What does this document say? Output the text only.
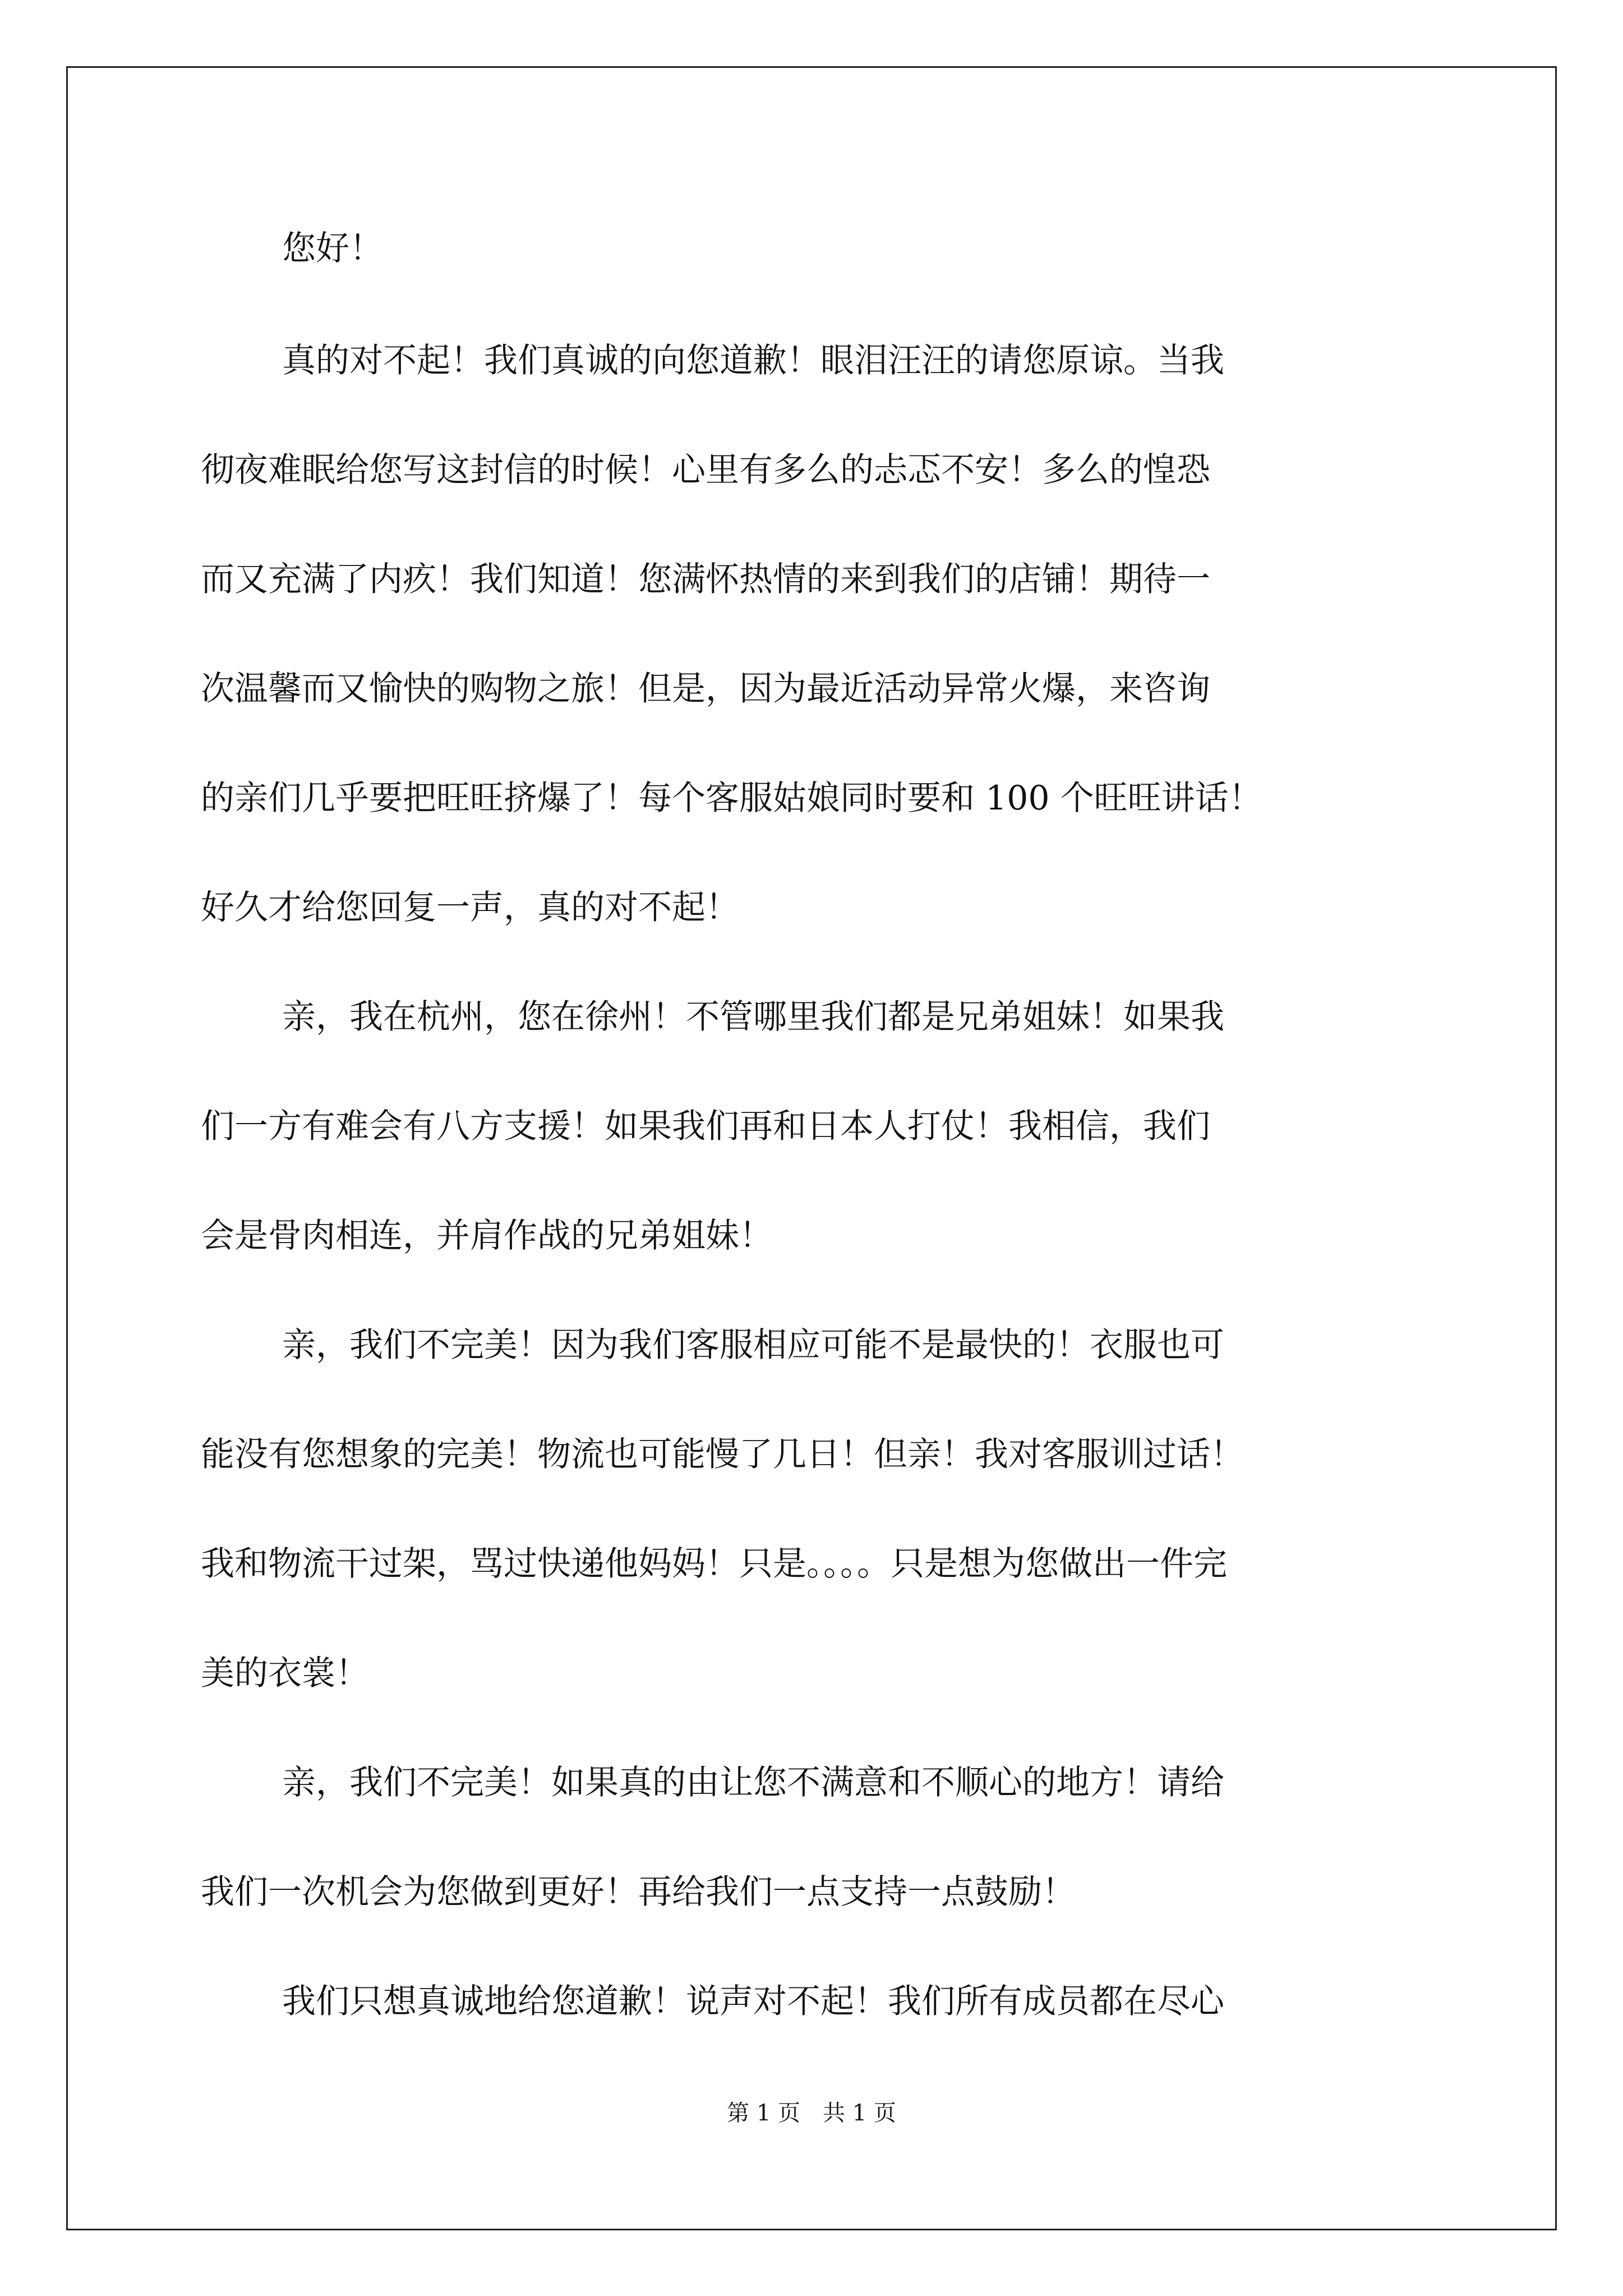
您好！
真的对不起！我们真诚的向您道歉！眼泪汪汪的请您原谅。当我
彻夜难眠给您写这封信的时候！心里有多么的忐忑不安！多么的惶恐
而又充满了内疚！我们知道！您满怀热情的来到我们的店铺！期待一
次温馨而又愉快的购物之旅！但是，因为最近活动异常火爆，来咨询
的亲们几乎要把旺旺挤爆了！每个客服姑娘同时要和 100 个旺旺讲话！
好久才给您回复一声，真的对不起！
亲，我在杭州，您在徐州！不管哪里我们都是兄弟姐妹！如果我
们一方有难会有八方支援！如果我们再和日本人打仗！我相信，我们
会是骨肉相连，并肩作战的兄弟姐妹！
亲，我们不完美！因为我们客服相应可能不是最快的！衣服也可
能没有您想象的完美！物流也可能慢了几日！但亲！我对客服训过话！
我和物流干过架，骂过快递他妈妈！只是。。。。只是想为您做出一件完
美的衣裳！
亲，我们不完美！如果真的由让您不满意和不顺心的地方！请给
我们一次机会为您做到更好！再给我们一点支持一点鼓励！
我们只想真诚地给您道歉！说声对不起！我们所有成员都在尽心
第 1 页 共 1 页
